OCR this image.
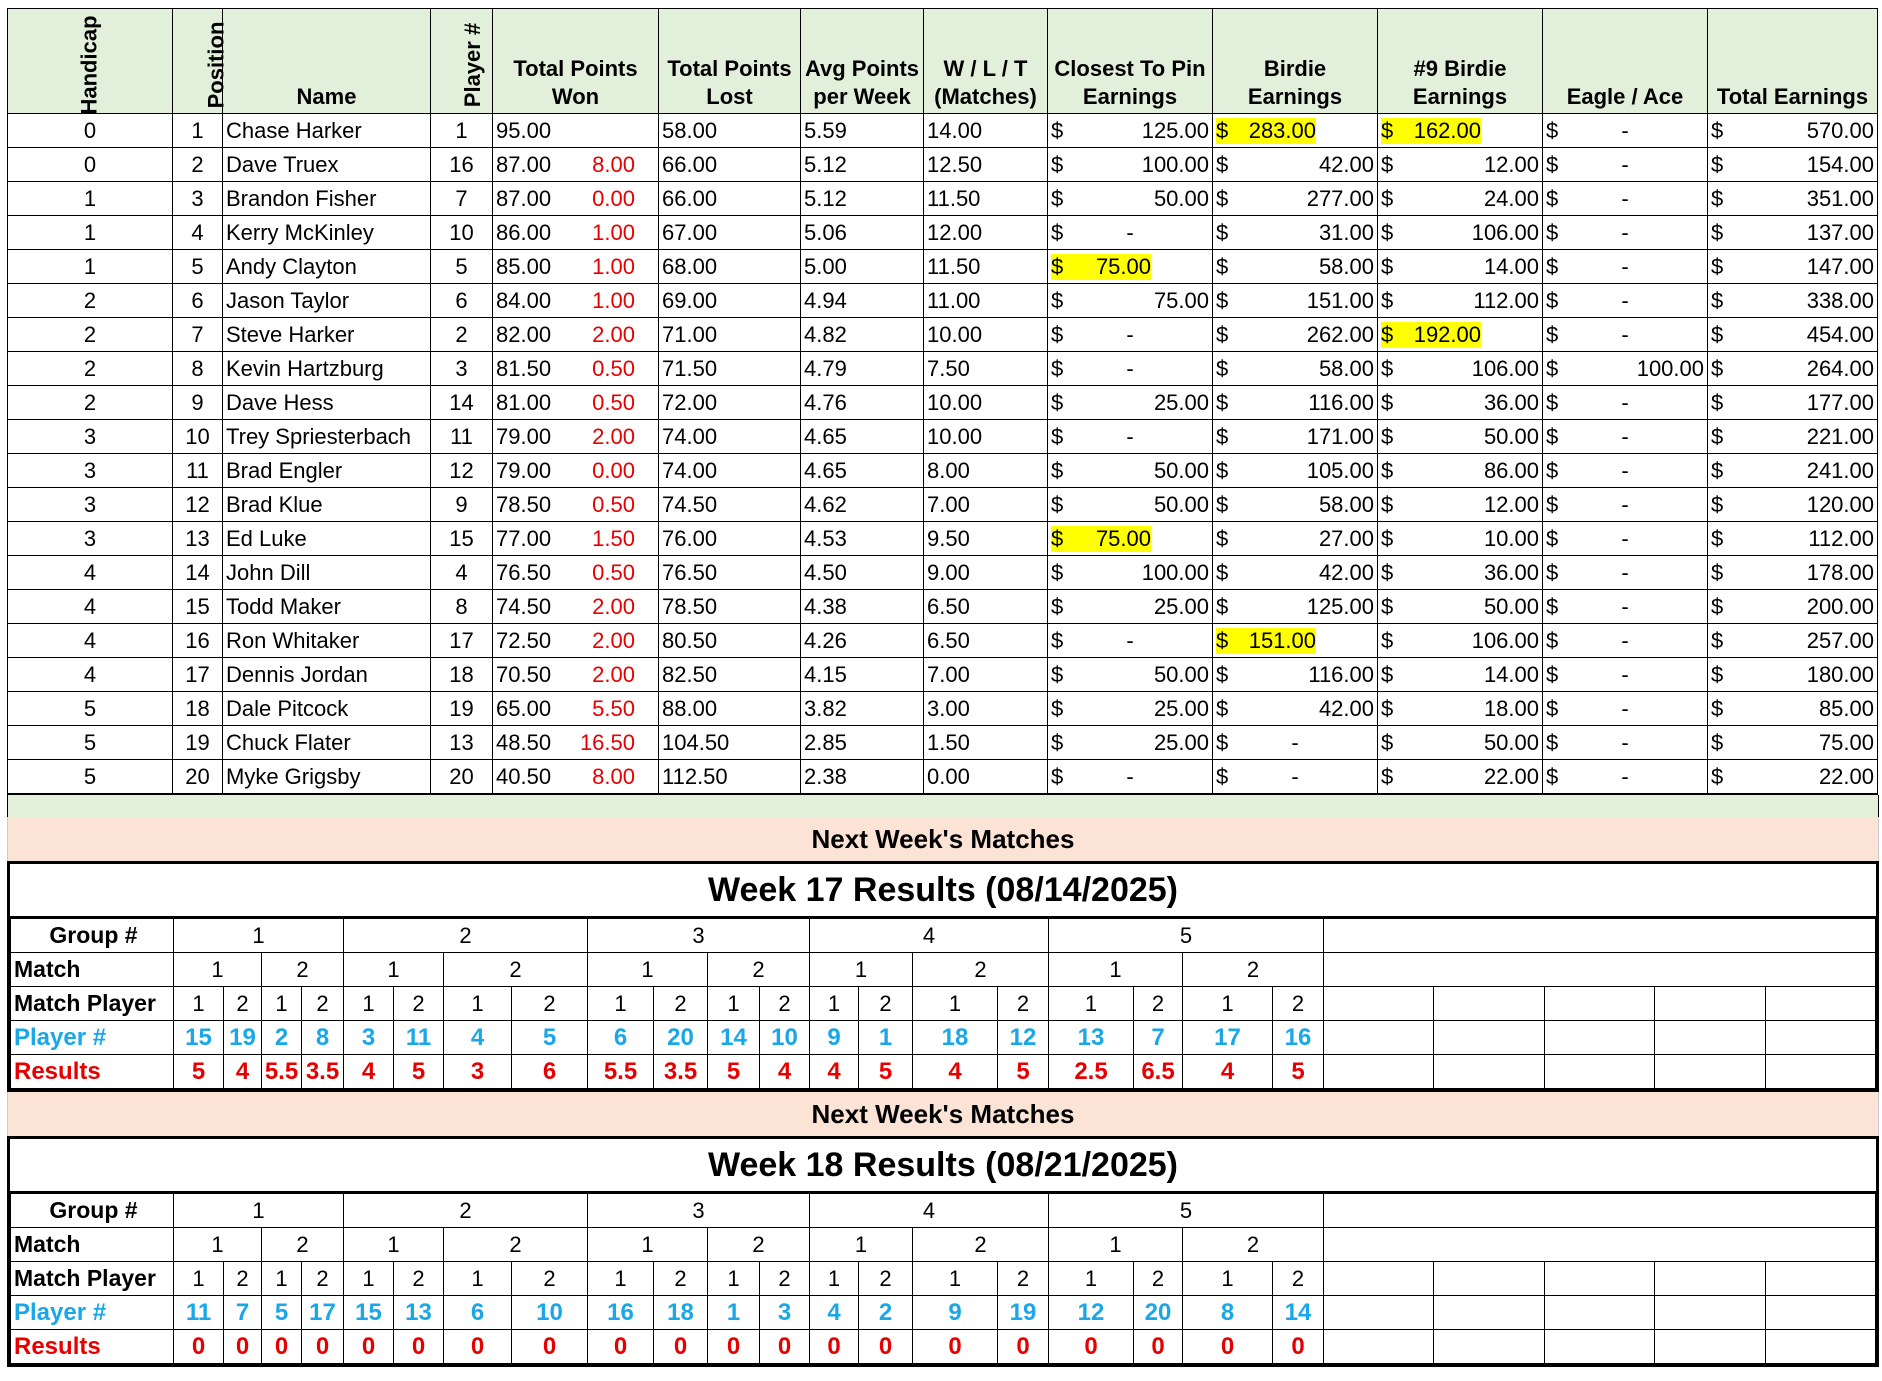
Handicap	Position	Name	Player #	Total Points Won	Total Points Lost	Avg Points per Week	W / L / T (Matches)	Closest To Pin Earnings	Birdie Earnings	#9 Birdie Earnings	Eagle / Ace	Total Earnings
0	1	Chase Harker	1	95.00	58.00	5.59	14.00	$ 125.00	$ 283.00	$ 162.00	$ -	$ 570.00

0	2	Dave Truex	16	87.00 8.00	66.00	5.12	12.50	$ 100.00	$ 42.00	$ 12.00	$ -	$ 154.00

1	3	Brandon Fisher	7	87.00 0.00	66.00	5.12	11.50	$ 50.00	$ 277.00	$ 24.00	$ -	$ 351.00

1	4	Kerry McKinley	10	86.00 1.00	67.00	5.06	12.00	$ -	$ 31.00	$ 106.00	$ -	$ 137.00

1	5	Andy Clayton	5	85.00 1.00	68.00	5.00	11.50	$ 75.00	$ 58.00	$ 14.00	$ -	$ 147.00

2	6	Jason Taylor	6	84.00 1.00	69.00	4.94	11.00	$ 75.00	$ 151.00	$ 112.00	$ -	$ 338.00

2	7	Steve Harker	2	82.00 2.00	71.00	4.82	10.00	$ -	$ 262.00	$ 192.00	$ -	$ 454.00

2	8	Kevin Hartzburg	3	81.50 0.50	71.50	4.79	7.50	$ -	$ 58.00	$ 106.00	$ 100.00	$ 264.00

2	9	Dave Hess	14	81.00 0.50	72.00	4.76	10.00	$ 25.00	$ 116.00	$ 36.00	$ -	$ 177.00

3	10	Trey Spriesterbach	11	79.00 2.00	74.00	4.65	10.00	$ -	$ 171.00	$ 50.00	$ -	$ 221.00

3	11	Brad Engler	12	79.00 0.00	74.00	4.65	8.00	$ 50.00	$ 105.00	$ 86.00	$ -	$ 241.00

3	12	Brad Klue	9	78.50 0.50	74.50	4.62	7.00	$ 50.00	$ 58.00	$ 12.00	$ -	$ 120.00

3	13	Ed Luke	15	77.00 1.50	76.00	4.53	9.50	$ 75.00	$ 27.00	$ 10.00	$ -	$ 112.00

4	14	John Dill	4	76.50 0.50	76.50	4.50	9.00	$ 100.00	$ 42.00	$ 36.00	$ -	$ 178.00

4	15	Todd Maker	8	74.50 2.00	78.50	4.38	6.50	$ 25.00	$ 125.00	$ 50.00	$ -	$ 200.00

4	16	Ron Whitaker	17	72.50 2.00	80.50	4.26	6.50	$ -	$ 151.00	$ 106.00	$ -	$ 257.00

4	17	Dennis Jordan	18	70.50 2.00	82.50	4.15	7.00	$ 50.00	$ 116.00	$ 14.00	$ -	$ 180.00

5	18	Dale Pitcock	19	65.00 5.50	88.00	3.82	3.00	$ 25.00	$ 42.00	$ 18.00	$ -	$ 85.00

5	19	Chuck Flater	13	48.50 16.50	104.50	2.85	1.50	$ 25.00	$ -	$ 50.00	$ -	$ 75.00

5	20	Myke Grigsby	20	40.50 8.00	112.50	2.38	0.00	$ -	$ -	$ 22.00	$ -	$ 22.00
Next Week's Matches
Week 17 Results (08/14/2025)
Group #	1				2				3				4				5								
Match	1		2		1		2		1		2		1		2		1		2						
Match Player	1	2	1	2	1	2	1	2	1	2	1	2	1	2	1	2	1	2	1	2					
Player #	15	19	2	8	3	11	4	5	6	20	14	10	9	1	18	12	13	7	17	16					
Results	5	4	5.5	3.5	4	5	3	6	5.5	3.5	5	4	4	5	4	5	2.5	6.5	4	5					
Next Week's Matches
Week 18 Results (08/21/2025)
Group #	1				2				3				4				5								
Match	1		2		1		2		1		2		1		2		1		2						
Match Player	1	2	1	2	1	2	1	2	1	2	1	2	1	2	1	2	1	2	1	2					
Player #	11	7	5	17	15	13	6	10	16	18	1	3	4	2	9	19	12	20	8	14					
Results	0	0	0	0	0	0	0	0	0	0	0	0	0	0	0	0	0	0	0	0					
